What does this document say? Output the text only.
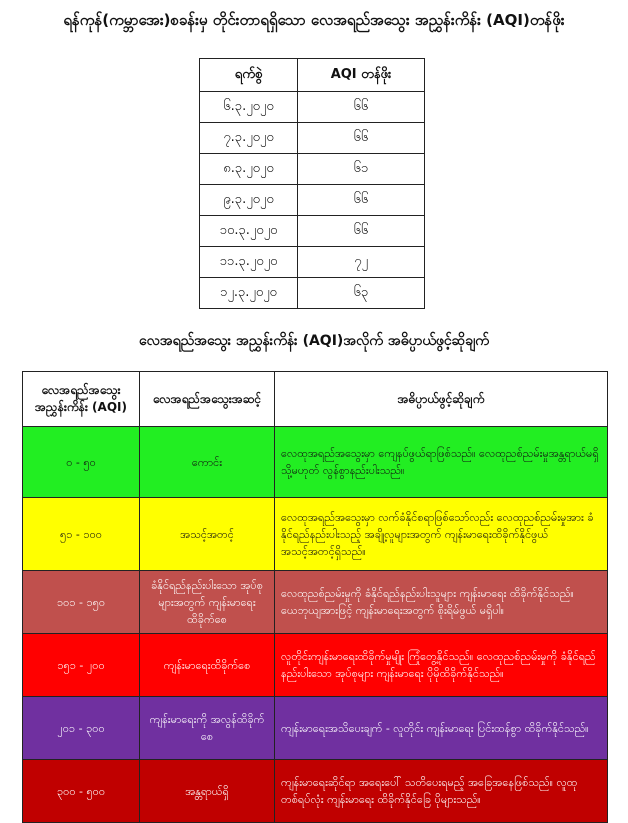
ရန်ကုန်(ကမ္ဘာအေး)စခန်းမှ တိုင်းတာရရှိသော လေအရည်အသွေး အညွှန်းကိန်း (AQI)တန်ဖိုး
ရက်စွဲ	AQI တန်ဖိုး
၆.၃.၂၀၂၀	၆၆
၇.၃.၂၀၂၀	၆၆
၈.၃.၂၀၂၀	၆၁
၉.၃.၂၀၂၀	၆၆
၁၀.၃.၂၀၂၀	၆၆
၁၁.၃.၂၀၂၀	၇၂
၁၂.၃.၂၀၂၀	၆၃
လေအရည်အသွေး အညွှန်းကိန်း (AQI)အလိုက် အဓိပ္ပာယ်ဖွင့်ဆိုချက်
လေအရည်အသွေး အညွှန်းကိန်း (AQI)	လေအရည်အသွေးအဆင့်	အဓိပ္ပာယ်ဖွင့်ဆိုချက်
၀ - ၅၀	ကောင်း	လေထုအရည်အသွေးမှာ ကျေနပ်ဖွယ်ရာဖြစ်သည်။ လေထုညစ်ညမ်းမှုအန္တရာယ်မရှိ သို့မဟုတ် လွန်စွာနည်းပါးသည်။
၅၁ - ၁၀၀	အသင့်အတင့်	လေထုအရည်အသွေးမှာ လက်ခံနိုင်စရာဖြစ်သော်လည်း လေထုညစ်ညမ်းမှုအား ခံနိုင်ရည်နည်းပါးသည့် အချို့လူများအတွက် ကျန်းမာရေးထိခိုက်နိုင်ဖွယ် အသင့်အတင့်ရှိသည်။
၁၀၁ - ၁၅၀	ခံနိုင်ရည်နည်းပါးသော အုပ်စုများအတွက် ကျန်းမာရေးထိခိုက်စေ	လေထုညစ်ညမ်းမှုကို ခံနိုင်ရည်နည်းပါးသူများ ကျန်းမာရေး ထိခိုက်နိုင်သည်။ ယေဘုယျအားဖြင့် ကျန်းမာရေးအတွက် စိုးရိမ်ဖွယ် မရှိပါ။
၁၅၁ - ၂၀၀	ကျန်းမာရေးထိခိုက်စေ	လူတိုင်းကျန်းမာရေးထိခိုက်မှုမျိုး ကြုံတွေ့နိုင်သည်။ လေထုညစ်ညမ်းမှုကို ခံနိုင်ရည်နည်းပါးသော အုပ်စုများ ကျန်းမာရေး ပိုမိုထိခိုက်နိုင်သည်။
၂၀၁ - ၃၀၀	ကျန်းမာရေးကို အလွန်ထိခိုက်စေ	ကျန်းမာရေးအသိပေးချက် - လူတိုင်း ကျန်းမာရေး ပြင်းထန်စွာ ထိခိုက်နိုင်သည်။
၃၀၀ - ၅၀၀	အန္တရာယ်ရှိ	ကျန်းမာရေးဆိုင်ရာ အရေးပေါ် သတိပေးရမည့် အခြေအနေဖြစ်သည်။ လူထုတစ်ရပ်လုံး ကျန်းမာရေး ထိခိုက်နိုင်ခြေ ပိုများသည်။
